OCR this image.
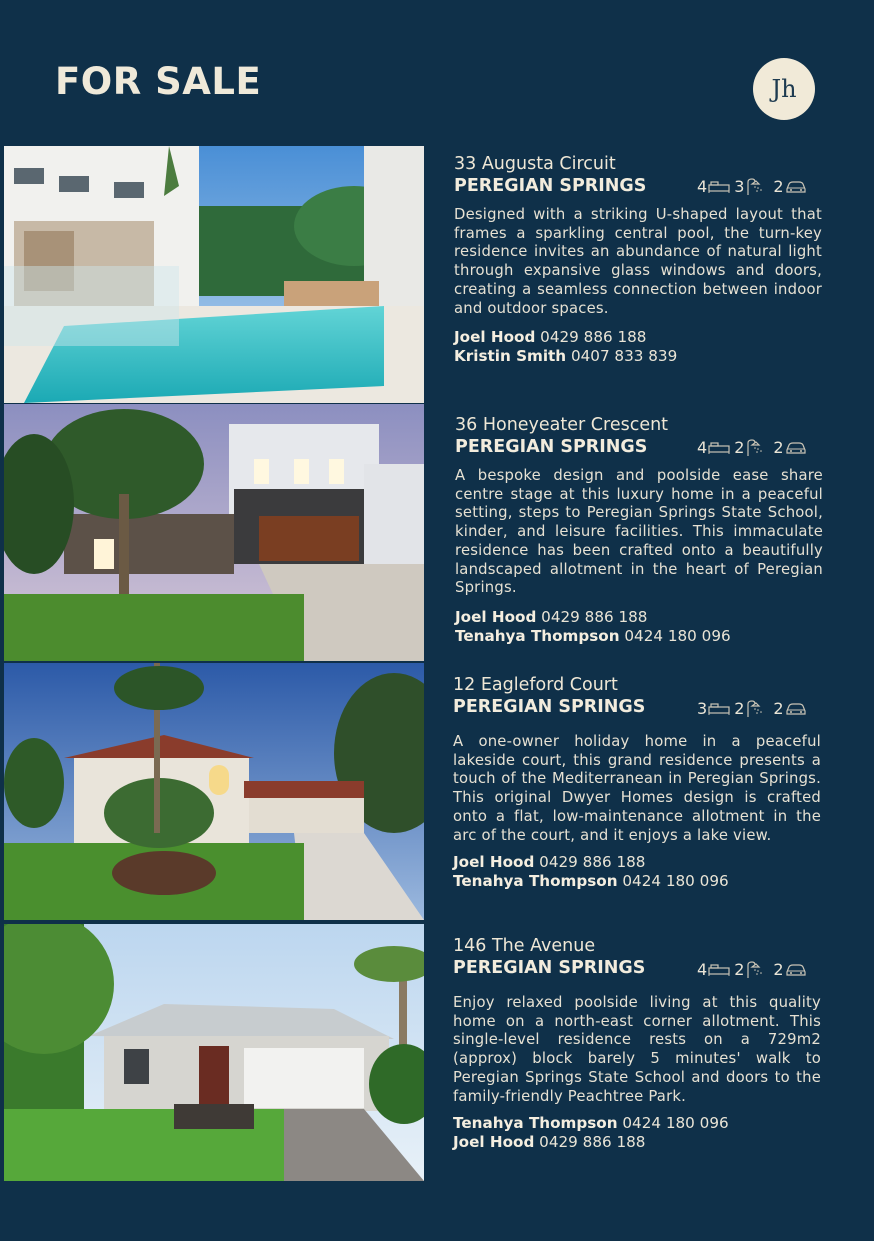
FOR SALE	Jh
33 Augusta Circuit
PEREGIAN SPRINGS	4 3 2
Designed with a striking U-shaped layout that frames a sparkling central pool, the turn-key residence invites an abundance of natural light through expansive glass windows and doors, creating a seamless connection between indoor and outdoor spaces.
Joel Hood 0429 886 188
Kristin Smith 0407 833 839
36 Honeyeater Crescent
PEREGIAN SPRINGS	4 2 2
A bespoke design and poolside ease share centre stage at this luxury home in a peaceful setting, steps to Peregian Springs State School, kinder, and leisure facilities. This immaculate residence has been crafted onto a beautifully landscaped allotment in the heart of Peregian Springs.
Joel Hood 0429 886 188
Tenahya Thompson 0424 180 096
12 Eagleford Court
PEREGIAN SPRINGS	3 2 2
A one-owner holiday home in a peaceful lakeside court, this grand residence presents a touch of the Mediterranean in Peregian Springs. This original Dwyer Homes design is crafted onto a flat, low-maintenance allotment in the arc of the court, and it enjoys a lake view.
Joel Hood 0429 886 188
Tenahya Thompson 0424 180 096
146 The Avenue
PEREGIAN SPRINGS	4 2 2
Enjoy relaxed poolside living at this quality home on a north-east corner allotment. This single-level residence rests on a 729m2 (approx) block barely 5 minutes' walk to Peregian Springs State School and doors to the family-friendly Peachtree Park.
Tenahya Thompson 0424 180 096
Joel Hood 0429 886 188
